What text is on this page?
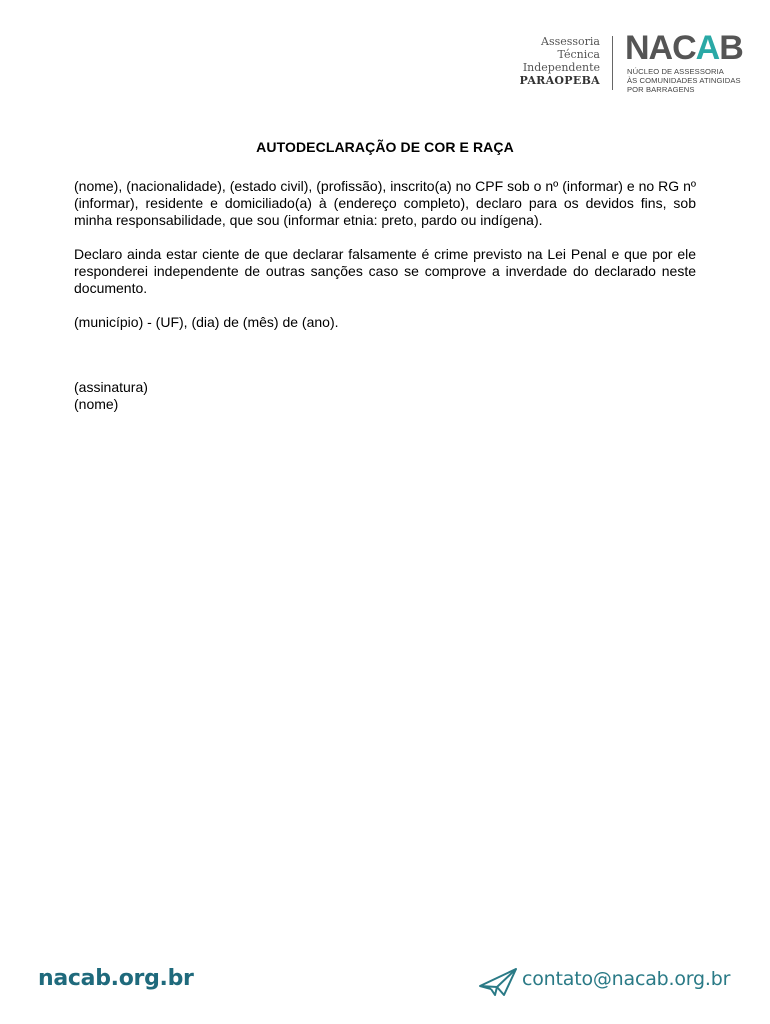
Assessoria
Técnica
Independente
PARAOPEBA
NACAB
NÚCLEO DE ASSESSORIA
ÀS COMUNIDADES ATINGIDAS
POR BARRAGENS
AUTODECLARAÇÃO DE COR E RAÇA

(nome), (nacionalidade), (estado civil), (profissão), inscrito(a) no CPF sob o nº (informar) e no RG nº (informar), residente e domiciliado(a) à (endereço completo), declaro para os devidos fins, sob minha responsabilidade, que sou (informar etnia: preto, pardo ou indígena).

Declaro ainda estar ciente de que declarar falsamente é crime previsto na Lei Penal e que por ele responderei independente de outras sanções caso se comprove a inverdade do declarado neste documento.

(município) - (UF), (dia) de (mês) de (ano).

(assinatura)
(nome)
nacab.org.br	contato@nacab.org.br
